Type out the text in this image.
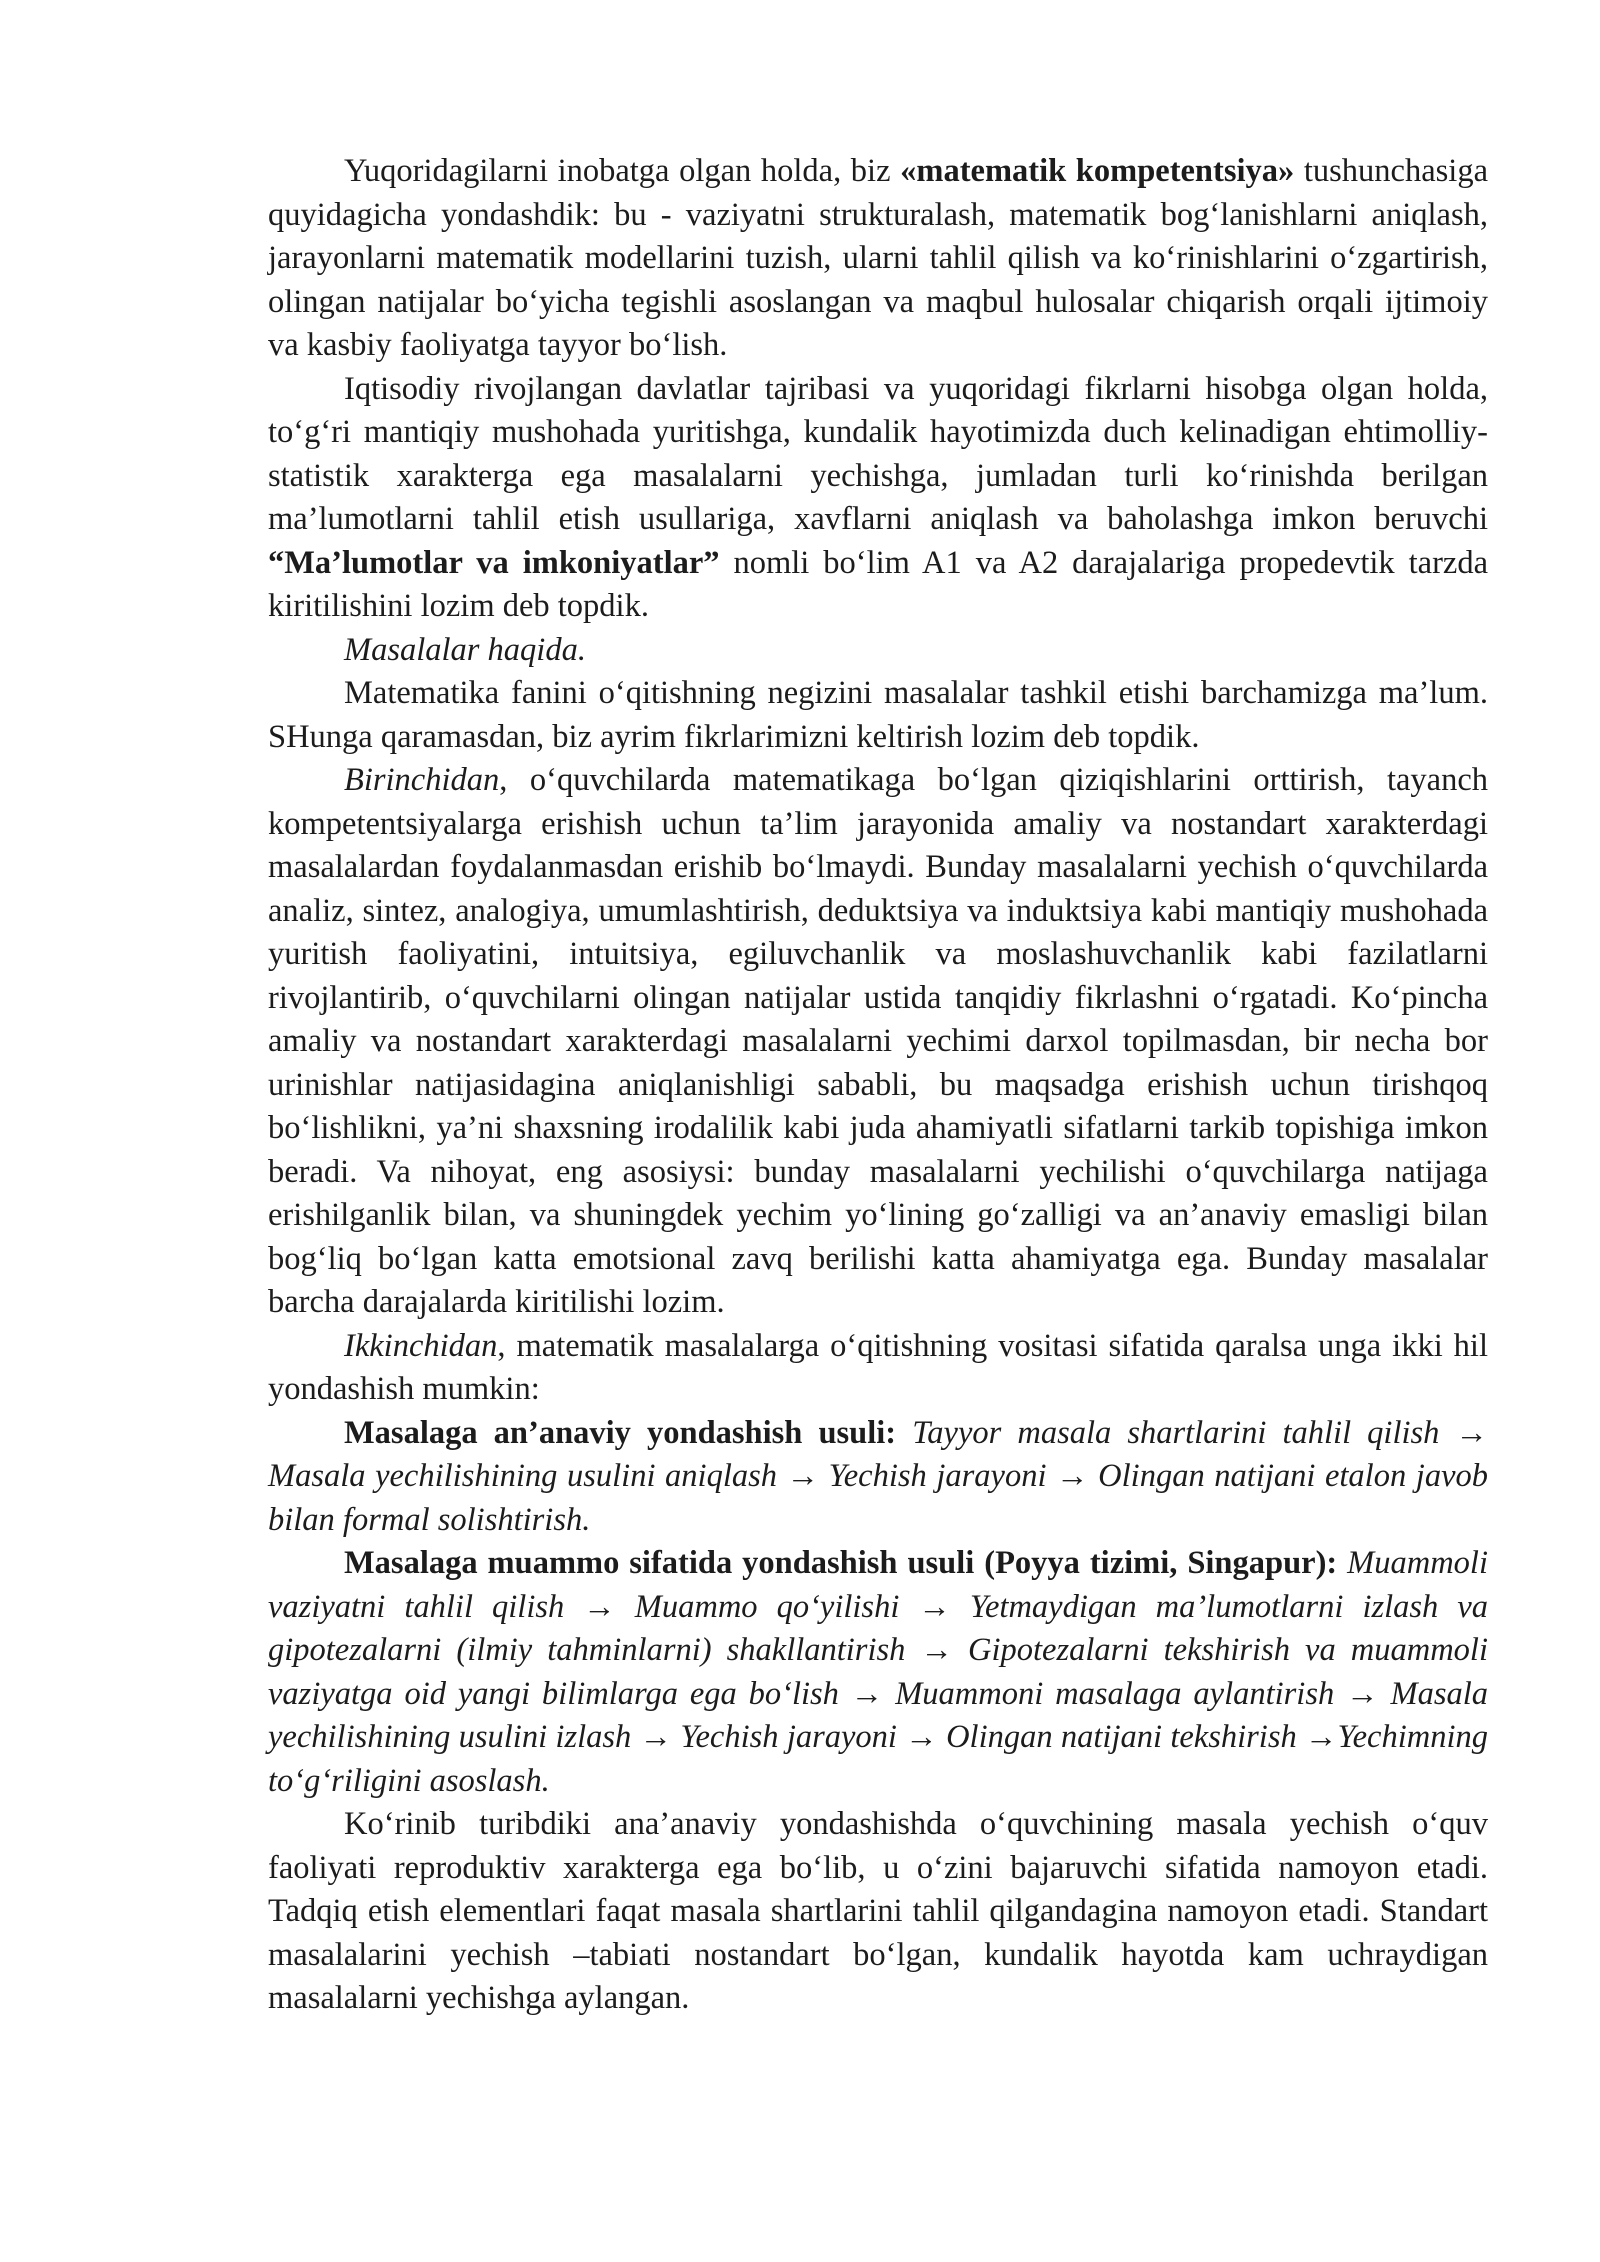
Yuqoridagilarni inobatga olgan holda, biz «matematik kompetentsiya» tushunchasiga quyidagicha yondashdik: bu - vaziyatni strukturalash, matematik bog‘lanishlarni aniqlash, jarayonlarni matematik modellarini tuzish, ularni tahlil qilish va ko‘rinishlarini o‘zgartirish, olingan natijalar bo‘yicha tegishli asoslangan va maqbul hulosalar chiqarish orqali ijtimoiy va kasbiy faoliyatga tayyor bo‘lish.

Iqtisodiy rivojlangan davlatlar tajribasi va yuqoridagi fikrlarni hisobga olgan holda, to‘g‘ri mantiqiy mushohada yuritishga, kundalik hayotimizda duch kelinadigan ehtimolliy-statistik xarakterga ega masalalarni yechishga, jumladan turli ko‘rinishda berilgan ma’lumotlarni tahlil etish usullariga, xavflarni aniqlash va baholashga imkon beruvchi “Ma’lumotlar va imkoniyatlar” nomli bo‘lim A1 va A2 darajalariga propedevtik tarzda kiritilishini lozim deb topdik.

Masalalar haqida.

Matematika fanini o‘qitishning negizini masalalar tashkil etishi barchamizga ma’lum. SHunga qaramasdan, biz ayrim fikrlarimizni keltirish lozim deb topdik.

Birinchidan, o‘quvchilarda matematikaga bo‘lgan qiziqishlarini orttirish, tayanch kompetentsiyalarga erishish uchun ta’lim jarayonida amaliy va nostandart xarakterdagi masalalardan foydalanmasdan erishib bo‘lmaydi. Bunday masalalarni yechish o‘quvchilarda analiz, sintez, analogiya, umumlashtirish, deduktsiya va induktsiya kabi mantiqiy mushohada yuritish faoliyatini, intuitsiya, egiluvchanlik va moslashuvchanlik kabi fazilatlarni rivojlantirib, o‘quvchilarni olingan natijalar ustida tanqidiy fikrlashni o‘rgatadi. Ko‘pincha amaliy va nostandart xarakterdagi masalalarni yechimi darxol topilmasdan, bir necha bor urinishlar natijasidagina aniqlanishligi sababli, bu maqsadga erishish uchun tirishqoq bo‘lishlikni, ya’ni shaxsning irodalilik kabi juda ahamiyatli sifatlarni tarkib topishiga imkon beradi. Va nihoyat, eng asosiysi: bunday masalalarni yechilishi o‘quvchilarga natijaga erishilganlik bilan, va shuningdek yechim yo‘lining go‘zalligi va an’anaviy emasligi bilan bog‘liq bo‘lgan katta emotsional zavq berilishi katta ahamiyatga ega. Bunday masalalar barcha darajalarda kiritilishi lozim.

Ikkinchidan, matematik masalalarga o‘qitishning vositasi sifatida qaralsa unga ikki hil yondashish mumkin:

Masalaga an’anaviy yondashish usuli: Tayyor masala shartlarini tahlil qilish → Masala yechilishining usulini aniqlash → Yechish jarayoni → Olingan natijani etalon javob bilan formal solishtirish.

Masalaga muammo sifatida yondashish usuli (Poyya tizimi, Singapur): Muammoli vaziyatni tahlil qilish → Muammo qo‘yilishi → Yetmaydigan ma’lumotlarni izlash va gipotezalarni (ilmiy tahminlarni) shakllantirish → Gipotezalarni tekshirish va muammoli vaziyatga oid yangi bilimlarga ega bo‘lish → Muammoni masalaga aylantirish → Masala yechilishining usulini izlash → Yechish jarayoni → Olingan natijani tekshirish →Yechimning to‘g‘riligini asoslash.

Ko‘rinib turibdiki ana’anaviy yondashishda o‘quvchining masala yechish o‘quv faoliyati reproduktiv xarakterga ega bo‘lib, u o‘zini bajaruvchi sifatida namoyon etadi. Tadqiq etish elementlari faqat masala shartlarini tahlil qilgandagina namoyon etadi. Standart masalalarini yechish –tabiati nostandart bo‘lgan, kundalik hayotda kam uchraydigan masalalarni yechishga aylangan.
